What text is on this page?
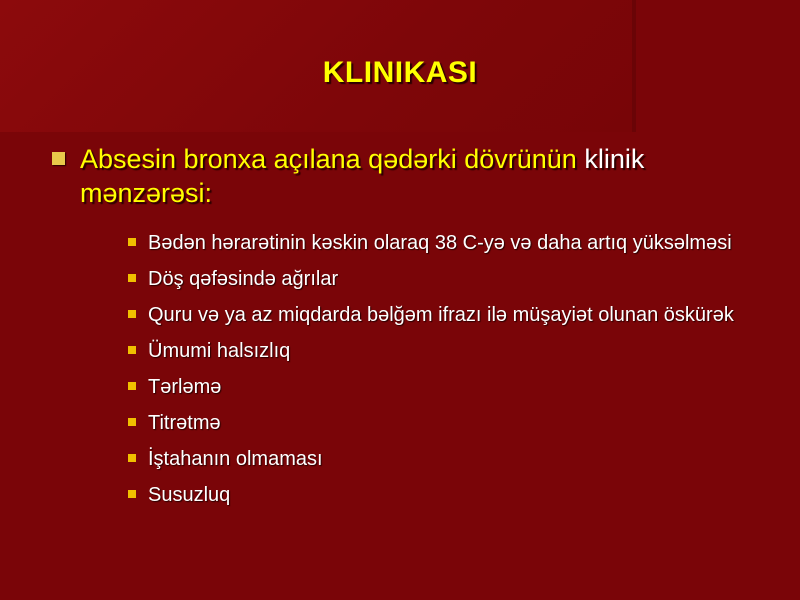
KLINIKASI
Absesin bronxa açılana qǝdǝrki dövrünün klinik
mǝnzǝrǝsi:
Bǝdǝn hǝrarǝtinin kǝskin olaraq 38 C-yǝ vǝ daha artıq yüksǝlmǝsi
Döş qǝfǝsindǝ ağrılar
Quru vǝ ya az miqdarda bǝlğǝm ifrazı ilǝ müşayiǝt olunan öskürǝk
Ümumi halsızlıq
Tǝrlǝmǝ
Titrǝtmǝ
İştahanın olmaması
Susuzluq
